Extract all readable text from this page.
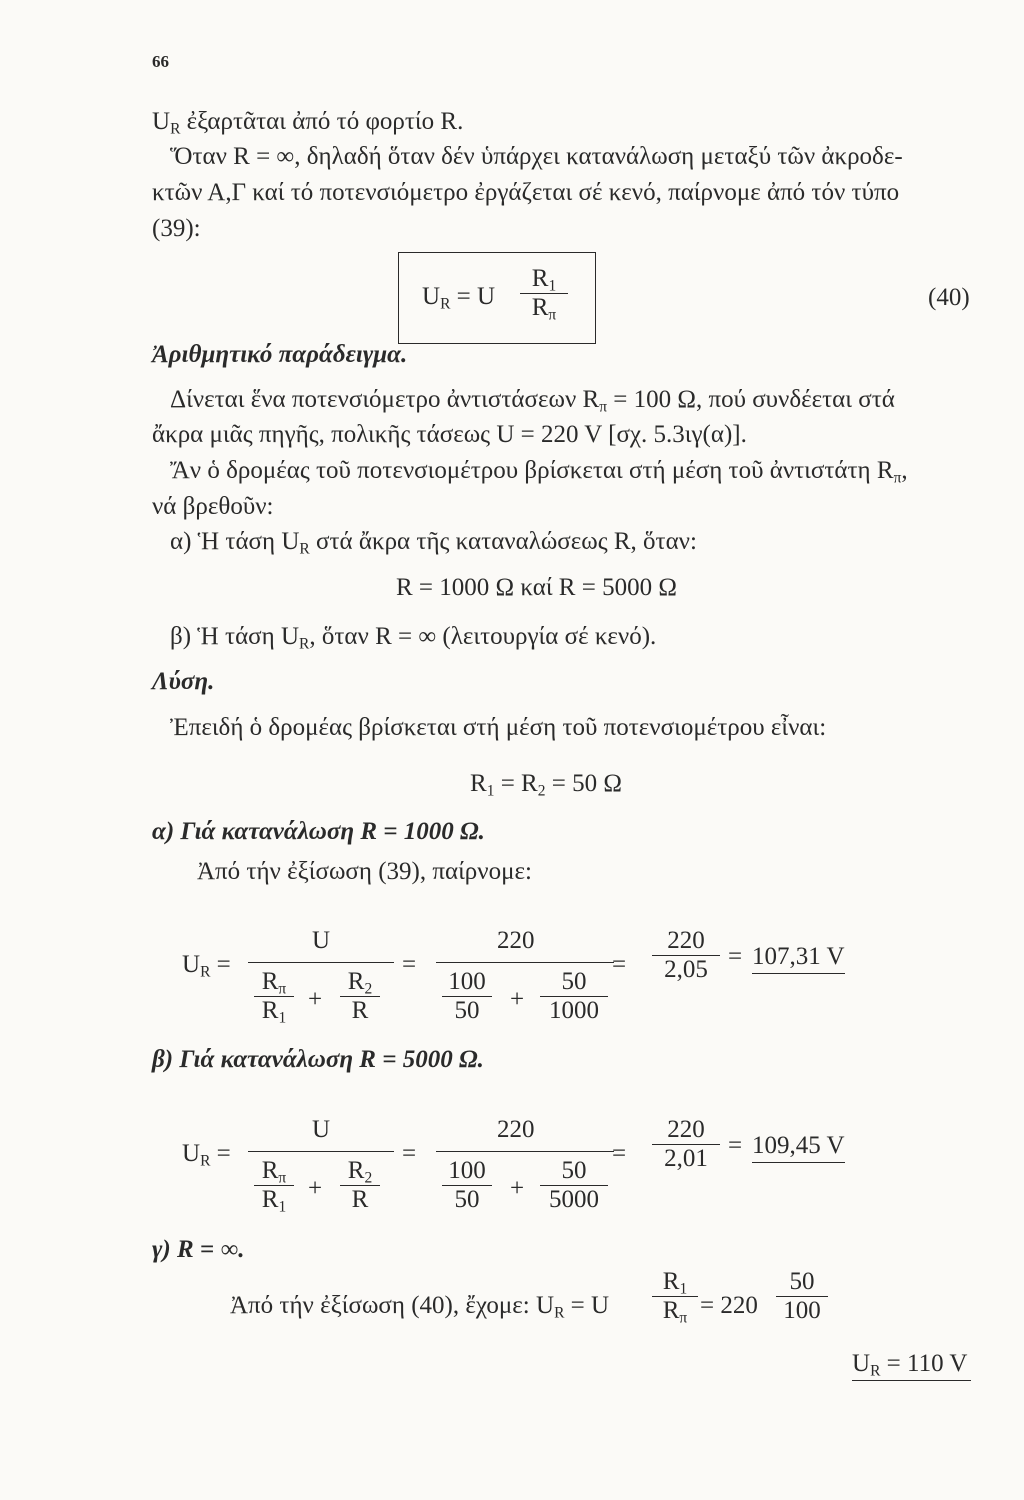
66
$U_R$ ἐξαρτᾶται ἀπό τό φορτίο R.
Ὅταν R = ∞, δηλαδή ὅταν δέν ὑπάρχει κατανάλωση μεταξύ τῶν ἀκροδε-
κτῶν Α,Γ καί τό ποτενσιόμετρο ἐργάζεται σέ κενό, παίρνομε ἀπό τόν τύπο
(39):
$U_R = U$
$R_1$
$R_\pi$
(40)
Ἀριθμητικό παράδειγμα.
Δίνεται ἕνα ποτενσιόμετρο ἀντιστάσεων $R_\pi = 100$ Ω, πού συνδέεται στά
ἄκρα μιᾶς πηγῆς, πολικῆς τάσεως U = 220 V [σχ. 5.3ιγ(α)].
Ἄν ὁ δρομέας τοῦ ποτενσιομέτρου βρίσκεται στή μέση τοῦ ἀντιστάτη $R_\pi$,
νά βρεθοῦν:
α) Ἡ τάση $U_R$ στά ἄκρα τῆς καταναλώσεως R, ὅταν:
R = 1000 Ω καί R = 5000 Ω
β) Ἡ τάση $U_R$, ὅταν R = ∞ (λειτουργία σέ κενό).
Λύση.
Ἐπειδή ὁ δρομέας βρίσκεται στή μέση τοῦ ποτενσιομέτρου εἶναι:
$R_1 = R_2 = 50$ Ω
α) Γιά κατανάλωση R = 1000 Ω.
Ἀπό τήν ἐξίσωση (39), παίρνομε:
$U_R$ =
U
$R_\pi$
$R_1$
+
$R_2$
R
=
220
100
50	+
50
1000
=
220
2,05 = 107,31 V
β) Γιά κατανάλωση R = 5000 Ω.
$U_R$ =
U
$R_\pi$
$R_1$
+
$R_2$
R
=
220
100
50	+
50
5000
=
220
2,01 = 109,45 V
γ) R = ∞.
Ἀπό τήν ἐξίσωση (40), ἔχομε: $U_R = U$
$R_1$
$R_\pi = 220$
50
100
$U_R = 110$ V
